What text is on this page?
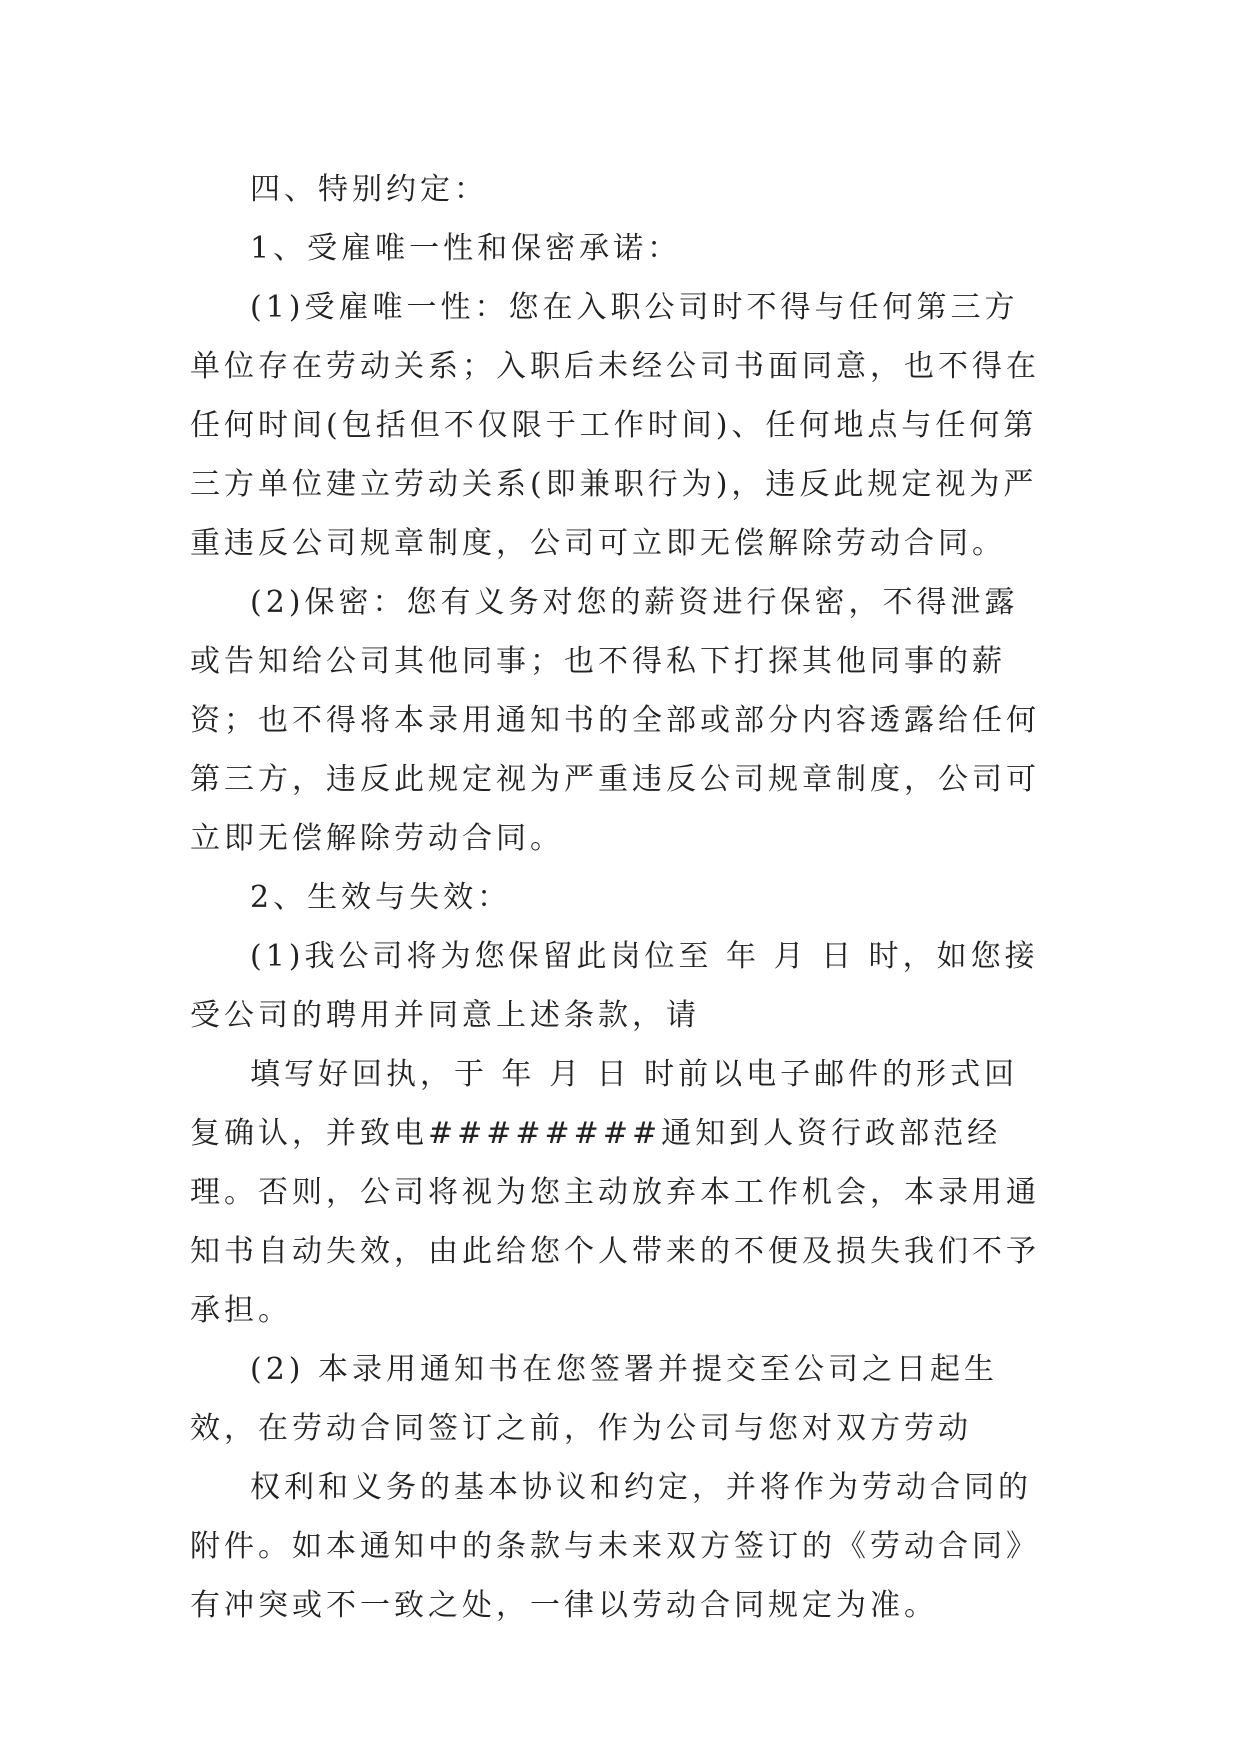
四、特别约定：

1、受雇唯一性和保密承诺：

(1)受雇唯一性：您在入职公司时不得与任何第三方单位存在劳动关系；入职后未经公司书面同意，也不得在任何时间(包括但不仅限于工作时间)、任何地点与任何第三方单位建立劳动关系(即兼职行为)，违反此规定视为严重违反公司规章制度，公司可立即无偿解除劳动合同。

(2)保密：您有义务对您的薪资进行保密，不得泄露或告知给公司其他同事；也不得私下打探其他同事的薪资；也不得将本录用通知书的全部或部分内容透露给任何第三方，违反此规定视为严重违反公司规章制度，公司可立即无偿解除劳动合同。

2、生效与失效：

(1)我公司将为您保留此岗位至 年 月 日 时，如您接受公司的聘用并同意上述条款，请

填写好回执，于 年 月 日 时前以电子邮件的形式回复确认，并致电########通知到人资行政部范经理。否则，公司将视为您主动放弃本工作机会，本录用通知书自动失效，由此给您个人带来的不便及损失我们不予承担。

(2) 本录用通知书在您签署并提交至公司之日起生效，在劳动合同签订之前，作为公司与您对双方劳动

权利和义务的基本协议和约定，并将作为劳动合同的附件。如本通知中的条款与未来双方签订的《劳动合同》有冲突或不一致之处，一律以劳动合同规定为准。
